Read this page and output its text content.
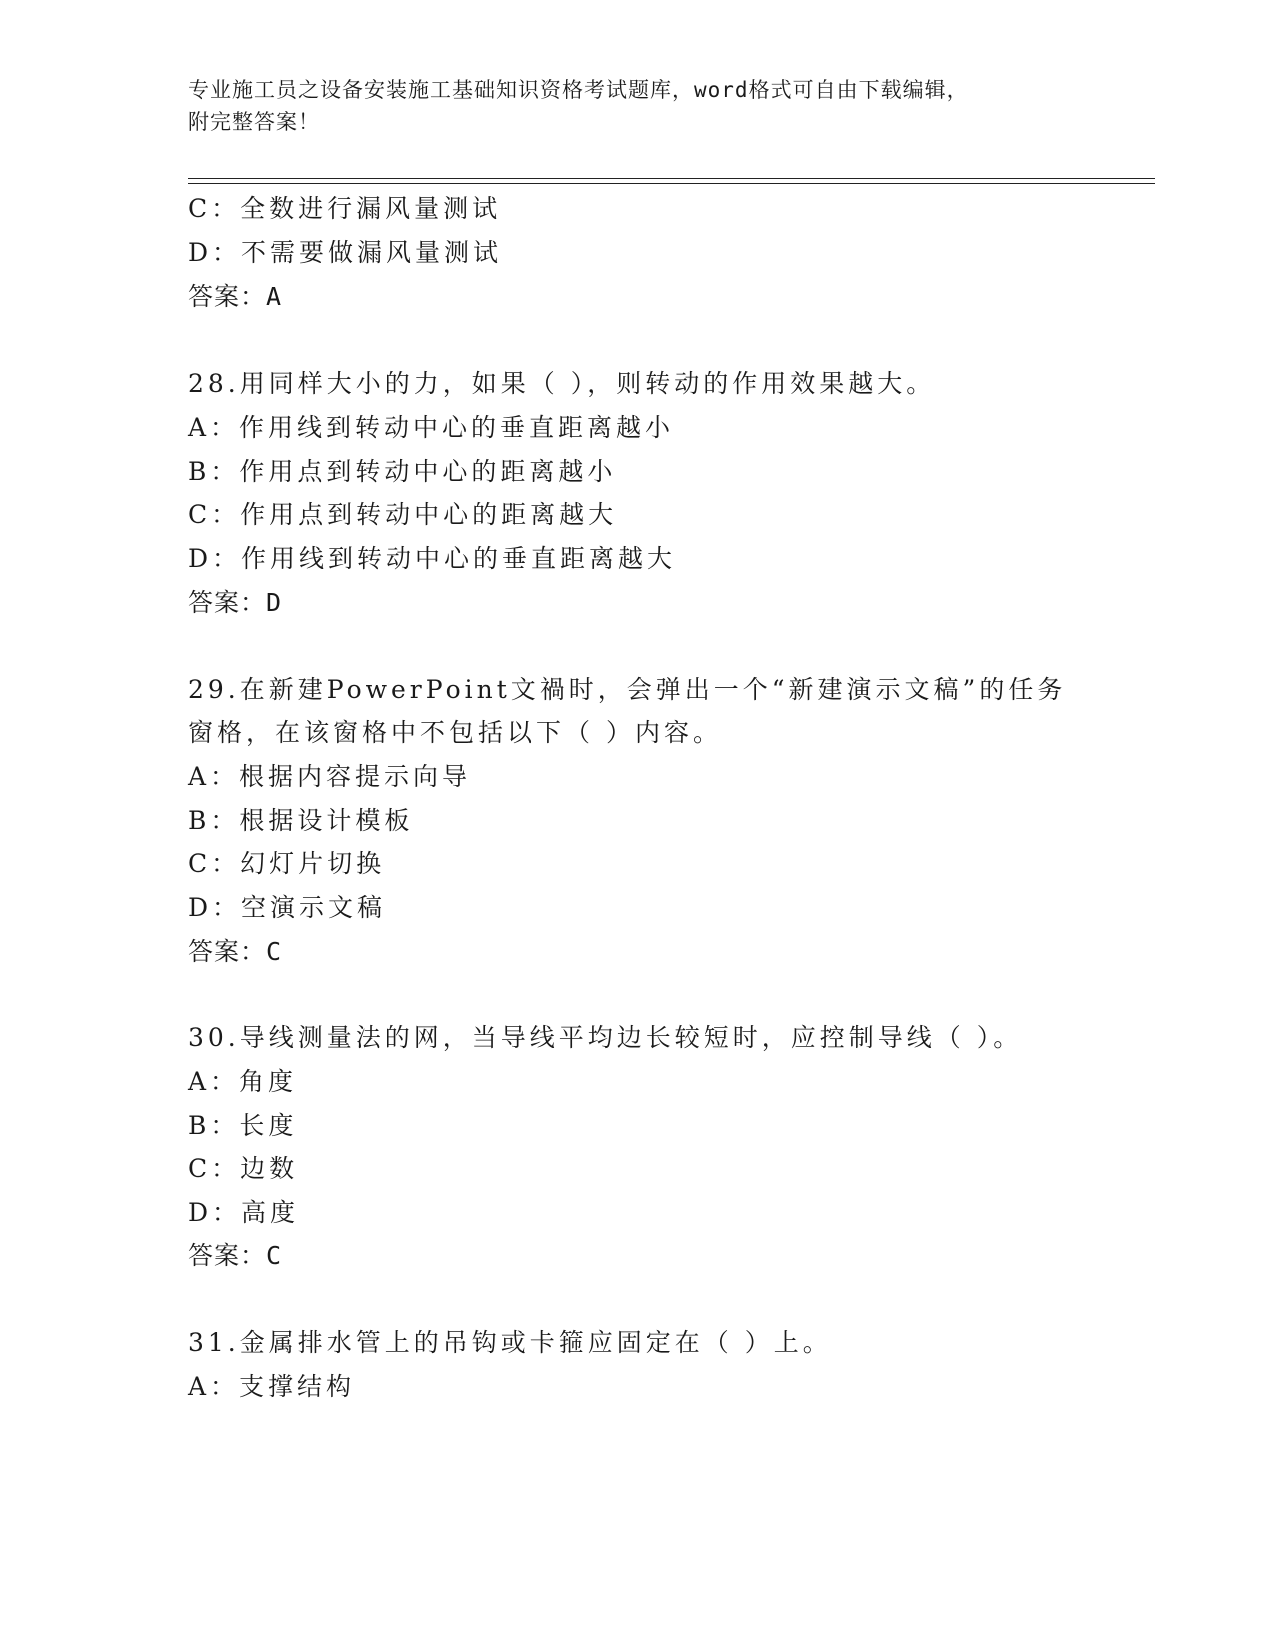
专业施工员之设备安装施工基础知识资格考试题库，word格式可自由下载编辑，
附完整答案！
C：全数进行漏风量测试
D：不需要做漏风量测试
答案：A
28.用同样大小的力，如果（ ），则转动的作用效果越大。
A：作用线到转动中心的垂直距离越小
B：作用点到转动中心的距离越小
C：作用点到转动中心的距离越大
D：作用线到转动中心的垂直距离越大
答案：D
29.在新建PowerPoint文禍时，会弹出一个“新建演示文稿”的任务
窗格，在该窗格中不包括以下（ ）内容。
A：根据内容提示向导
B：根据设计模板
C：幻灯片切换
D：空演示文稿
答案：C
30.导线测量法的网，当导线平均边长较短时，应控制导线（ ）。
A：角度
B：长度
C：边数
D：高度
答案：C
31.金属排水管上的吊钩或卡箍应固定在（ ）上。
A：支撑结构
